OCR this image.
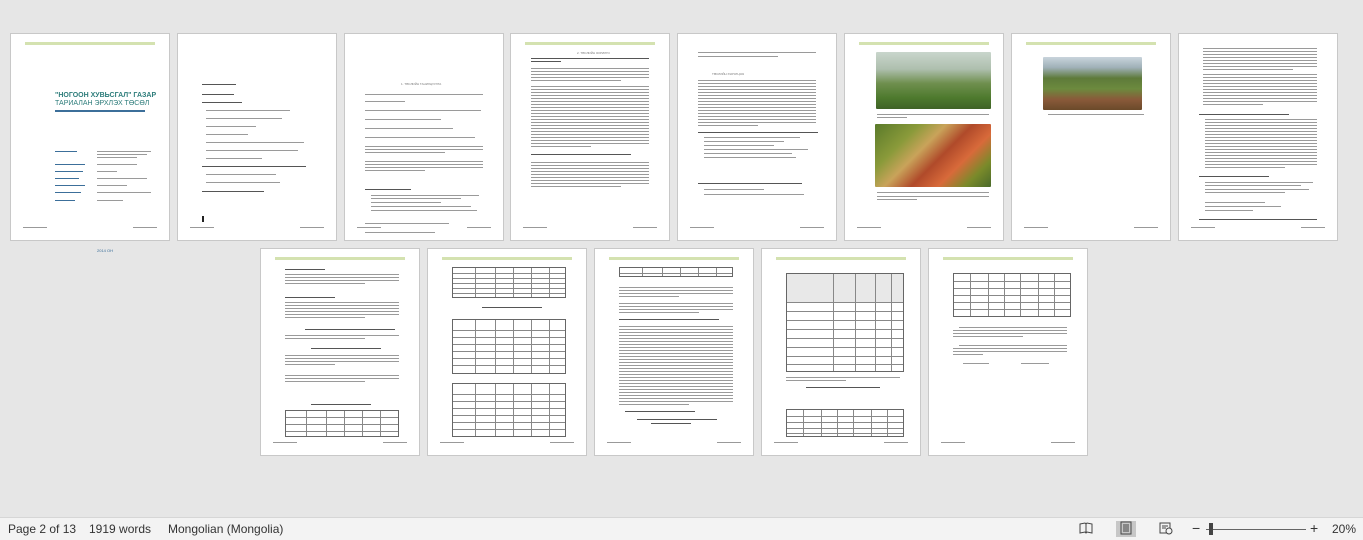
"НОГООН ХУВЬСГАЛ" ГАЗАР
ТАРИАЛАН ЭРХЛЭХ ТӨСӨЛ
2014 ОН
1. ТӨСЛИЙН ТАНИЛЦУУЛГА
2. ТӨСЛИЙН ЗОРИЛГО
ТӨСЛИЙН ХЭРЭГЦЭЭ
Page 2 of 13 1919 words Mongolian (Mongolia)	−	+ 20%
